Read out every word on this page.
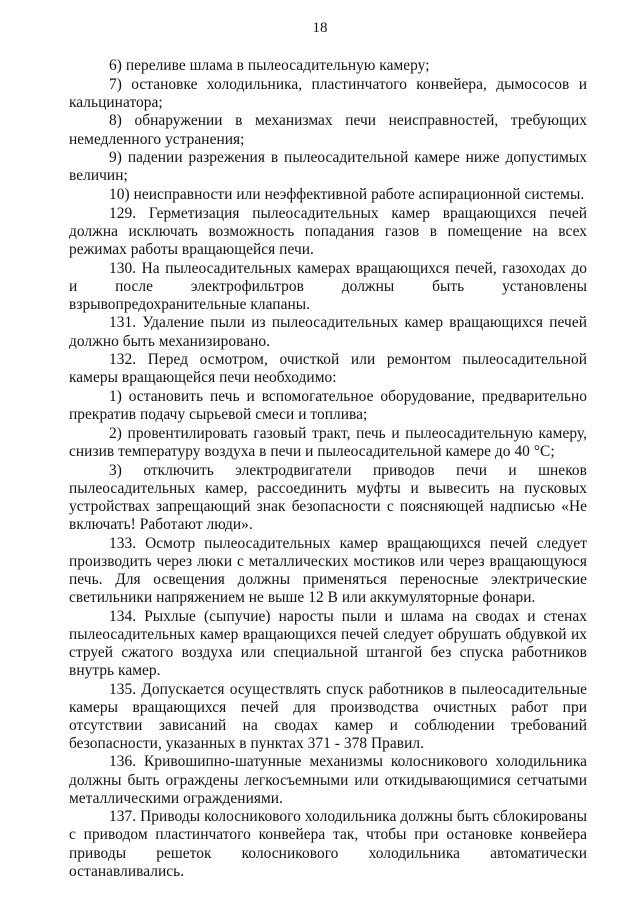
18

6) переливе шлама в пылеосадительную камеру;

7) остановке холодильника, пластинчатого конвейера, дымососов и кальцинатора;

8) обнаружении в механизмах печи неисправностей, требующих немедленного устранения;

9) падении разрежения в пылеосадительной камере ниже допустимых величин;

10) неисправности или неэффективной работе аспирационной системы.

129. Герметизация пылеосадительных камер вращающихся печей должна исключать возможность попадания газов в помещение на всех режимах работы вращающейся печи.

130. На пылеосадительных камерах вращающихся печей, газоходах до и после электрофильтров должны быть установлены взрывопредохранительные клапаны.

131. Удаление пыли из пылеосадительных камер вращающихся печей должно быть механизировано.

132. Перед осмотром, очисткой или ремонтом пылеосадительной камеры вращающейся печи необходимо:

1) остановить печь и вспомогательное оборудование, предварительно прекратив подачу сырьевой смеси и топлива;

2) провентилировать газовый тракт, печь и пылеосадительную камеру, снизив температуру воздуха в печи и пылеосадительной камере до 40 °C;

3) отключить электродвигатели приводов печи и шнеков пылеосадительных камер, рассоединить муфты и вывесить на пусковых устройствах запрещающий знак безопасности с поясняющей надписью «Не включать! Работают люди».

133. Осмотр пылеосадительных камер вращающихся печей следует производить через люки с металлических мостиков или через вращающуюся печь. Для освещения должны применяться переносные электрические светильники напряжением не выше 12 В или аккумуляторные фонари.

134. Рыхлые (сыпучие) наросты пыли и шлама на сводах и стенах пылеосадительных камер вращающихся печей следует обрушать обдувкой их струей сжатого воздуха или специальной штангой без спуска работников внутрь камер.

135. Допускается осуществлять спуск работников в пылеосадительные камеры вращающихся печей для производства очистных работ при отсутствии зависаний на сводах камер и соблюдении требований безопасности, указанных в пунктах 371 - 378 Правил.

136. Кривошипно-шатунные механизмы колосникового холодильника должны быть ограждены легкосъемными или откидывающимися сетчатыми металлическими ограждениями.

137. Приводы колосникового холодильника должны быть сблокированы с приводом пластинчатого конвейера так, чтобы при остановке конвейера приводы решеток колосникового холодильника автоматически останавливались.
